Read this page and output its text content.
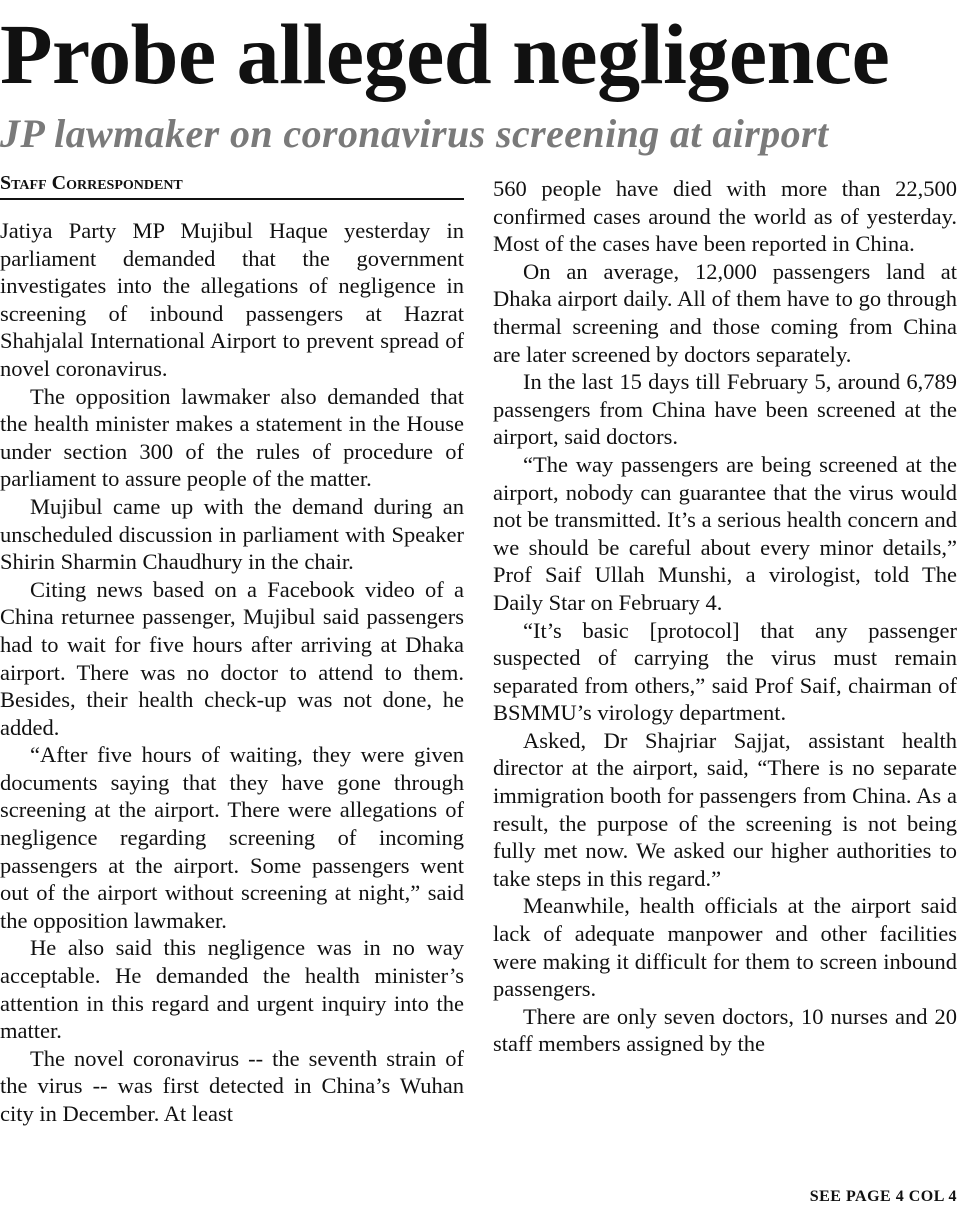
Probe alleged negligence
JP lawmaker on coronavirus screening at airport
Staff Correspondent

Jatiya Party MP Mujibul Haque yesterday in parliament demanded that the government investigates into the allegations of negligence in screening of inbound passengers at Hazrat Shahjalal International Airport to prevent spread of novel coronavirus.

The opposition lawmaker also demanded that the health minister makes a statement in the House under section 300 of the rules of procedure of parliament to assure people of the matter.

Mujibul came up with the demand during an unscheduled discussion in parliament with Speaker Shirin Sharmin Chaudhury in the chair.

Citing news based on a Facebook video of a China returnee passenger, Mujibul said passengers had to wait for five hours after arriving at Dhaka airport. There was no doctor to attend to them. Besides, their health check-up was not done, he added.

“After five hours of waiting, they were given documents saying that they have gone through screening at the airport. There were allegations of negligence regarding screening of incoming passengers at the airport. Some passengers went out of the airport without screening at night,” said the opposition lawmaker.

He also said this negligence was in no way acceptable. He demanded the health minister’s attention in this regard and urgent inquiry into the matter.

The novel coronavirus -- the seventh strain of the virus -- was first detected in China’s Wuhan city in December. At least

560 people have died with more than 22,500 confirmed cases around the world as of yesterday. Most of the cases have been reported in China.

On an average, 12,000 passengers land at Dhaka airport daily. All of them have to go through thermal screening and those coming from China are later screened by doctors separately.

In the last 15 days till February 5, around 6,789 passengers from China have been screened at the airport, said doctors.

“The way passengers are being screened at the airport, nobody can guarantee that the virus would not be transmitted. It’s a serious health concern and we should be careful about every minor details,” Prof Saif Ullah Munshi, a virologist, told The Daily Star on February 4.

“It’s basic [protocol] that any passenger suspected of carrying the virus must remain separated from others,” said Prof Saif, chairman of BSMMU’s virology department.

Asked, Dr Shajriar Sajjat, assistant health director at the airport, said, “There is no separate immigration booth for passengers from China. As a result, the purpose of the screening is not being fully met now. We asked our higher authorities to take steps in this regard.”

Meanwhile, health officials at the airport said lack of adequate manpower and other facilities were making it difficult for them to screen inbound passengers.

There are only seven doctors, 10 nurses and 20 staff members assigned by the

SEE PAGE 4 COL 4
